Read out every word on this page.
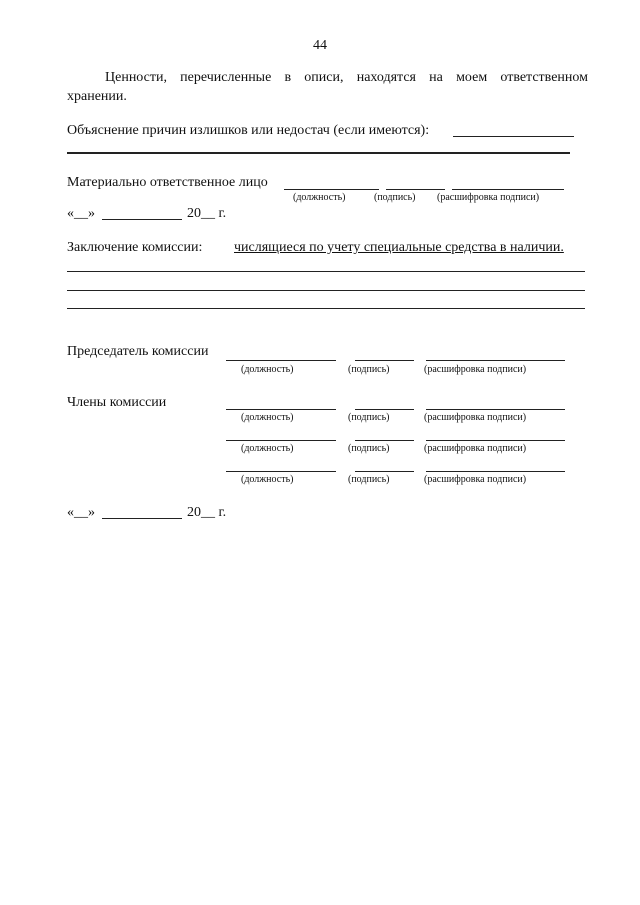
44
Ценности, перечисленные в описи, находятся на моем ответственном
хранении.
Объяснение причин излишков или недостач (если имеются):
Материально ответственное лицо
(должность)	(подпись) (расшифровка подписи)
«__»	20__ г.
Заключение комиссии: числящиеся по учету специальные средства в наличии.
Председатель комиссии
(должность)	(подпись)	(расшифровка подписи)
Члены комиссии
(должность)	(подпись)	(расшифровка подписи)
(должность)	(подпись)	(расшифровка подписи)
(должность)	(подпись)	(расшифровка подписи)
«__»	20__ г.
